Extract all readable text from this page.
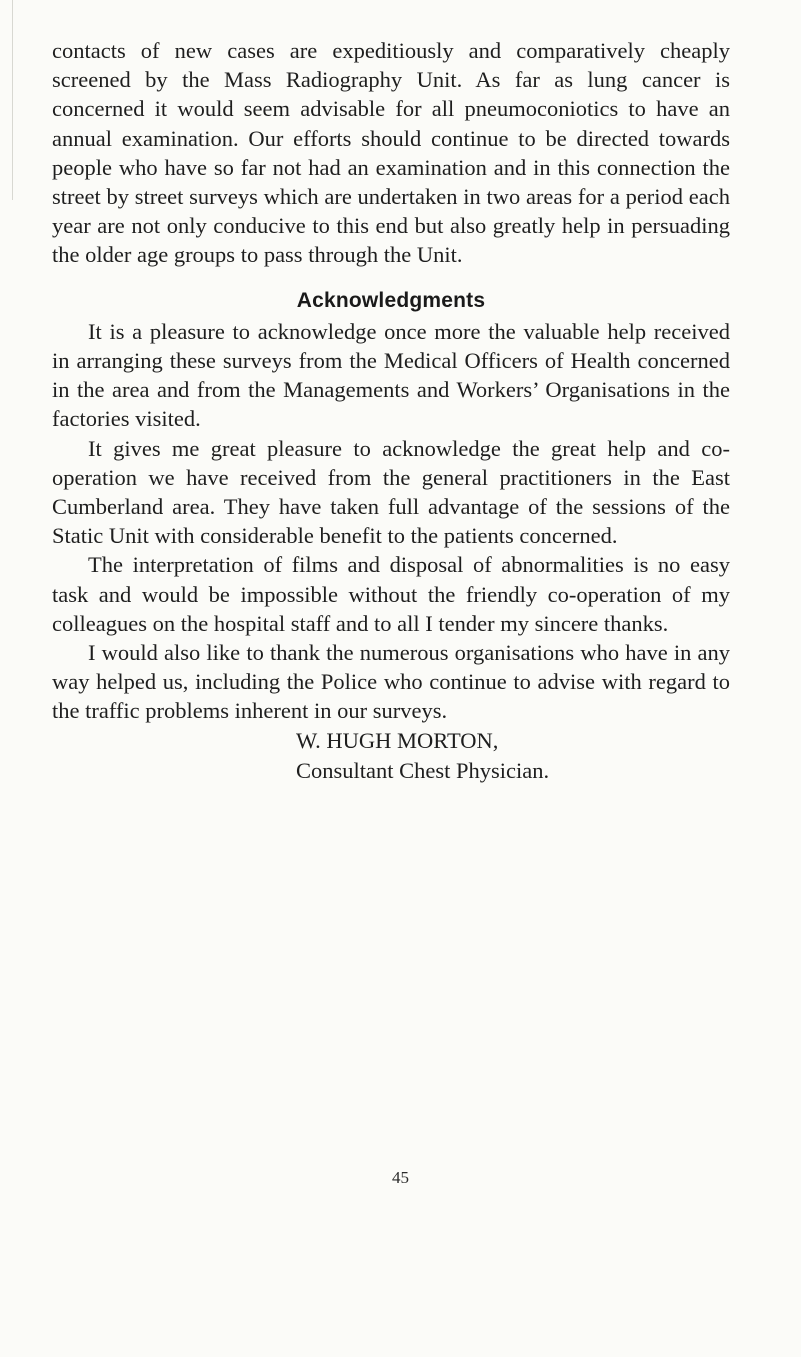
contacts of new cases are expeditiously and comparatively cheaply screened by the Mass Radiography Unit. As far as lung cancer is concerned it would seem advisable for all pneumoconiotics to have an annual examination. Our efforts should continue to be directed towards people who have so far not had an examination and in this connection the street by street surveys which are undertaken in two areas for a period each year are not only conducive to this end but also greatly help in persuading the older age groups to pass through the Unit.

Acknowledgments

It is a pleasure to acknowledge once more the valuable help received in arranging these surveys from the Medical Officers of Health concerned in the area and from the Managements and Workers’ Organisations in the factories visited.

It gives me great pleasure to acknowledge the great help and co-operation we have received from the general practitioners in the East Cumberland area. They have taken full advantage of the sessions of the Static Unit with considerable benefit to the patients concerned.

The interpretation of films and disposal of abnormalities is no easy task and would be impossible without the friendly co-operation of my colleagues on the hospital staff and to all I tender my sincere thanks.

I would also like to thank the numerous organisations who have in any way helped us, including the Police who continue to advise with regard to the traffic problems inherent in our surveys.

W. HUGH MORTON,
Consultant Chest Physician.
45
